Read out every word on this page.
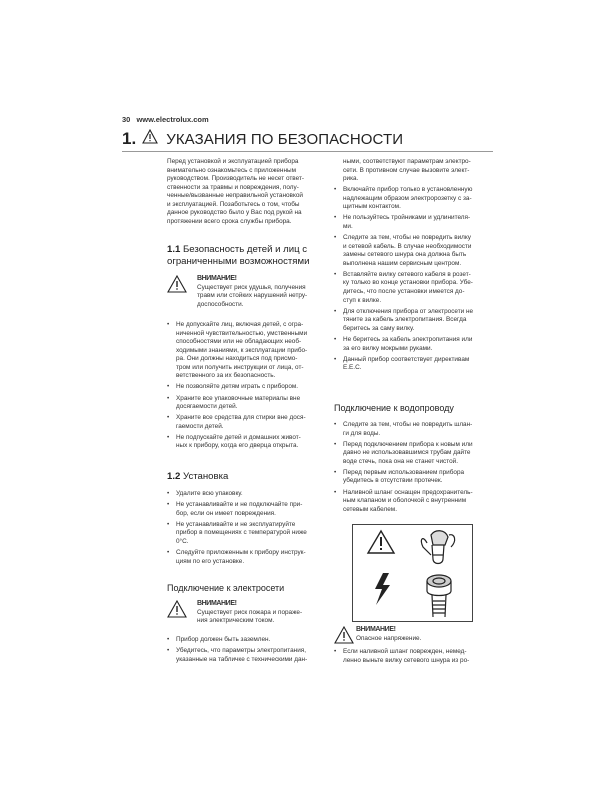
30 www.electrolux.com
1. УКАЗАНИЯ ПО БЕЗОПАСНОСТИ
Перед установкой и эксплуатацией прибора
внимательно ознакомьтесь с приложенным
руководством. Производитель не несет ответ-
ственности за травмы и повреждения, полу-
ченные/вызванные неправильной установкой
и эксплуатацией. Позаботьтесь о том, чтобы
данное руководство было у Вас под рукой на
протяжении всего срока службы прибора.

1.1 Безопасность детей и лиц с

ограниченными возможностями

ВНИМАНИЕ!
Существует риск удушья, получения
травм или стойких нарушений нетру-
доспособности.
• Не допускайте лиц, включая детей, с огра-
ниченной чувствительностью, умственными
способностями или не обладающих необ-
ходимыми знаниями, к эксплуатации прибо-
ра. Они должны находиться под присмо-
тром или получить инструкции от лица, от-
ветственного за их безопасность.
• Не позволяйте детям играть с прибором.
• Храните все упаковочные материалы вне
досягаемости детей.
• Храните все средства для стирки вне дося-
гаемости детей.
• Не подпускайте детей и домашних живот-
ных к прибору, когда его дверца открыта.

1.2 Установка

• Удалите всю упаковку.
• Не устанавливайте и не подключайте при-
бор, если он имеет повреждения.
• Не устанавливайте и не эксплуатируйте
прибор в помещениях с температурой ниже
0°C.
• Следуйте приложенным к прибору инструк-
циям по его установке.

Подключение к электросети

ВНИМАНИЕ!
Существует риск пожара и пораже-
ния электрическим током.
• Прибор должен быть заземлен.
• Убедитесь, что параметры электропитания,
указанные на табличке с техническими дан-
ными, соответствуют параметрам электро-
сети. В противном случае вызовите элект-
рика.
• Включайте прибор только в установленную
надлежащим образом электророзетку с за-
щитным контактом.
• Не пользуйтесь тройниками и удлинителя-
ми.
• Следите за тем, чтобы не повредить вилку
и сетевой кабель. В случае необходимости
замены сетевого шнура она должна быть
выполнена нашим сервисным центром.
• Вставляйте вилку сетевого кабеля в розет-
ку только во конце установки прибора. Убе-
дитесь, что после установки имеется до-
ступ к вилке.
• Для отключения прибора от электросети не
тяните за кабель электропитания. Всегда
беритесь за саму вилку.
• Не беритесь за кабель электропитания или
за его вилку мокрыми руками.
• Данный прибор соответствует директивам
E.E.C.

Подключение к водопроводу

• Следите за тем, чтобы не повредить шлан-
ги для воды.
• Перед подключением прибора к новым или
давно не использовавшимся трубам дайте
воде стечь, пока она не станет чистой.
• Перед первым использованием прибора
убедитесь в отсутствии протечек.
• Наливной шланг оснащен предохранитель-
ным клапаном и оболочкой с внутренним
сетевым кабелем.
ВНИМАНИЕ!
Опасное напряжение.
• Если наливной шланг поврежден, немед-
ленно выньте вилку сетевого шнура из ро-
